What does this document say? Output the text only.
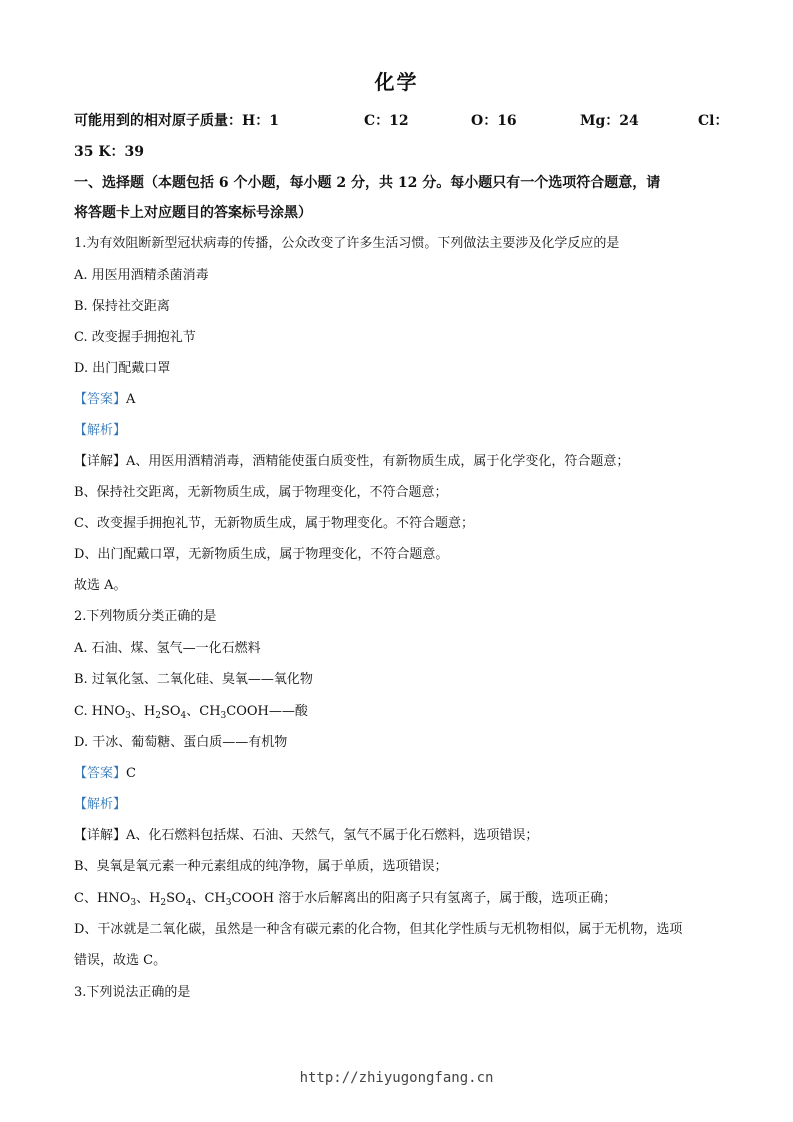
化学
可能用到的相对原子质量：H：1	C：12	O：16	Mg：24	Cl：
35 K：39
一、选择题（本题包括 6 个小题，每小题 2 分，共 12 分。每小题只有一个选项符合题意，请
将答题卡上对应题目的答案标号涂黑）
1.为有效阻断新型冠状病毒的传播，公众改变了许多生活习惯。下列做法主要涉及化学反应的是
A. 用医用酒精杀菌消毒
B. 保持社交距离
C. 改变握手拥抱礼节
D. 出门配戴口罩
【答案】A
【解析】
【详解】A、用医用酒精消毒，酒精能使蛋白质变性，有新物质生成，属于化学变化，符合题意；
B、保持社交距离，无新物质生成，属于物理变化，不符合题意；
C、改变握手拥抱礼节，无新物质生成，属于物理变化。不符合题意；
D、出门配戴口罩，无新物质生成，属于物理变化，不符合题意。
故选 A。
2.下列物质分类正确的是
A. 石油、煤、氢气—一化石燃料
B. 过氧化氢、二氧化硅、臭氧——氧化物
C. $HNO_3$、$H_2SO_4$、$CH_3COOH——$酸
D. 干冰、葡萄糖、蛋白质——有机物
【答案】C
【解析】
【详解】A、化石燃料包括煤、石油、天然气，氢气不属于化石燃料，选项错误；
B、臭氧是氧元素一种元素组成的纯净物，属于单质，选项错误；
C、$HNO_3$、$H_2SO_4$、$CH_3COOH$ 溶于水后解离出的阳离子只有氢离子，属于酸，选项正确；
D、干冰就是二氧化碳，虽然是一种含有碳元素的化合物，但其化学性质与无机物相似，属于无机物，选项
错误，故选 C。
3.下列说法正确的是
http://zhiyugongfang.cn
